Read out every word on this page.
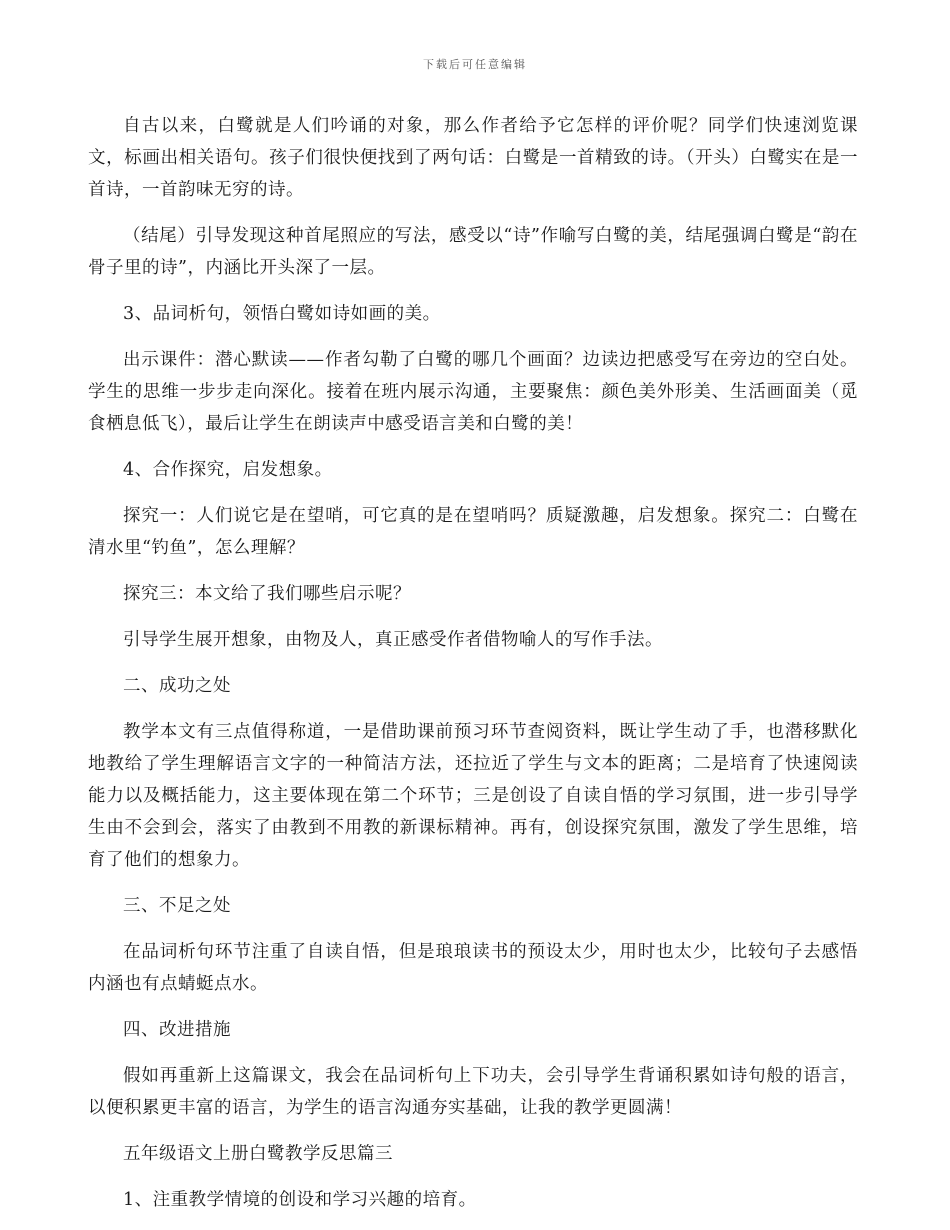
下载后可任意编辑

自古以来，白鹭就是人们吟诵的对象，那么作者给予它怎样的评价呢？同学们快速浏览课文，标画出相关语句。孩子们很快便找到了两句话：白鹭是一首精致的诗。（开头）白鹭实在是一首诗，一首韵味无穷的诗。

（结尾）引导发现这种首尾照应的写法，感受以“诗”作喻写白鹭的美，结尾强调白鹭是“韵在骨子里的诗”，内涵比开头深了一层。

3、品词析句，领悟白鹭如诗如画的美。

出示课件：潜心默读——作者勾勒了白鹭的哪几个画面？边读边把感受写在旁边的空白处。学生的思维一步步走向深化。接着在班内展示沟通，主要聚焦：颜色美外形美、生活画面美（觅食栖息低飞），最后让学生在朗读声中感受语言美和白鹭的美！

4、合作探究，启发想象。

探究一：人们说它是在望哨，可它真的是在望哨吗？质疑激趣，启发想象。探究二：白鹭在清水里“钓鱼”，怎么理解？

探究三：本文给了我们哪些启示呢？

引导学生展开想象，由物及人，真正感受作者借物喻人的写作手法。

二、成功之处

教学本文有三点值得称道，一是借助课前预习环节查阅资料，既让学生动了手，也潜移默化地教给了学生理解语言文字的一种简洁方法，还拉近了学生与文本的距离；二是培育了快速阅读能力以及概括能力，这主要体现在第二个环节；三是创设了自读自悟的学习氛围，进一步引导学生由不会到会，落实了由教到不用教的新课标精神。再有，创设探究氛围，激发了学生思维，培育了他们的想象力。

三、不足之处

在品词析句环节注重了自读自悟，但是琅琅读书的预设太少，用时也太少，比较句子去感悟内涵也有点蜻蜓点水。

四、改进措施

假如再重新上这篇课文，我会在品词析句上下功夫，会引导学生背诵积累如诗句般的语言，以便积累更丰富的语言，为学生的语言沟通夯实基础，让我的教学更圆满！

五年级语文上册白鹭教学反思篇三

1、注重教学情境的创设和学习兴趣的培育。
